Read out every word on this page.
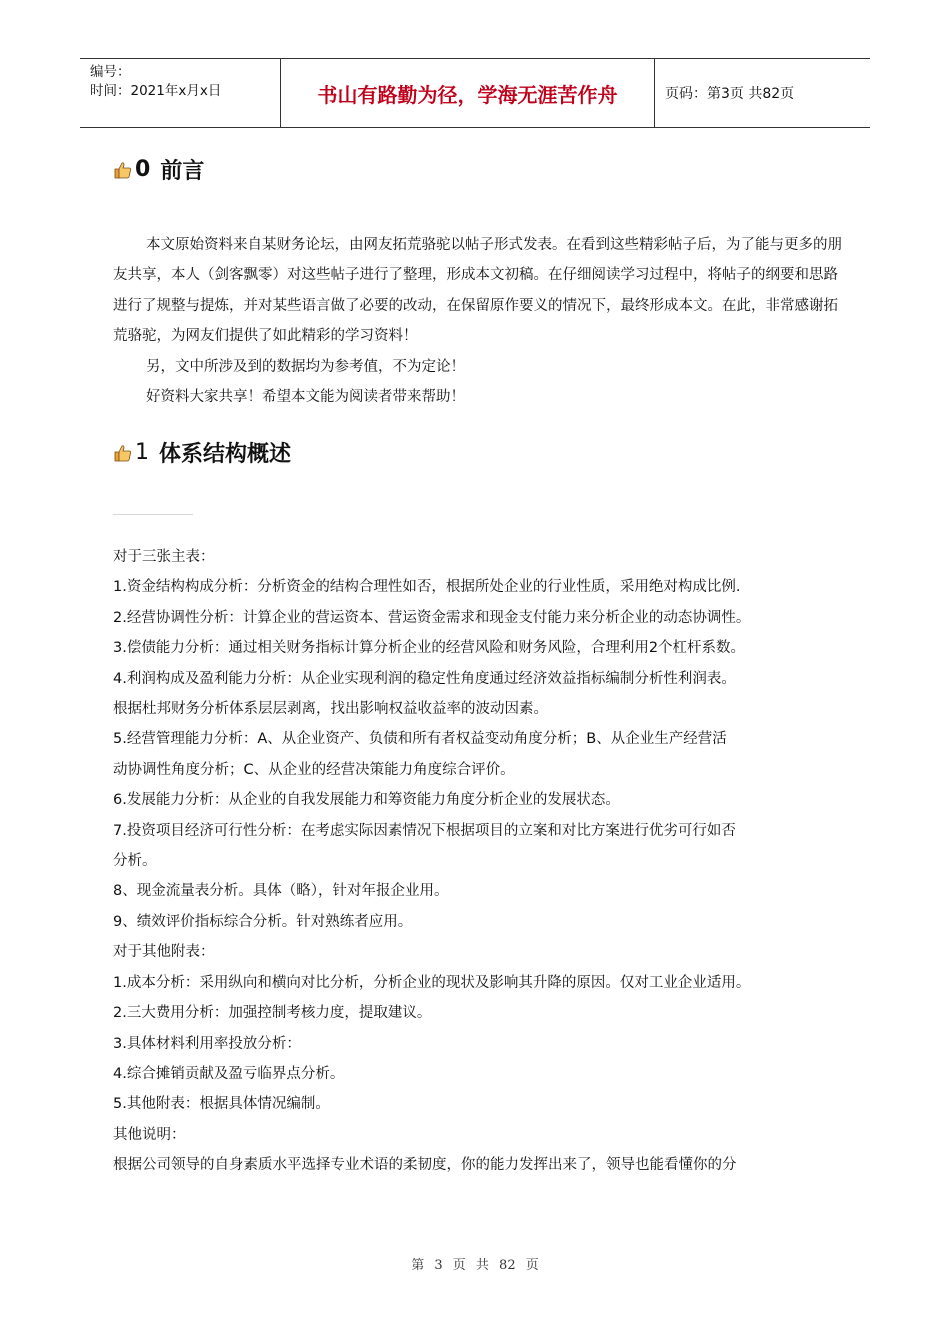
编号：
时间：2021年x月x日	书山有路勤为径，学海无涯苦作舟	页码：第3页 共82页
0 前言

本文原始资料来自某财务论坛，由网友拓荒骆驼以帖子形式发表。在看到这些精彩帖子后，为了能与更多的朋友共享，本人（剑客飘零）对这些帖子进行了整理，形成本文初稿。在仔细阅读学习过程中，将帖子的纲要和思路进行了规整与提炼，并对某些语言做了必要的改动，在保留原作要义的情况下，最终形成本文。在此，非常感谢拓荒骆驼，为网友们提供了如此精彩的学习资料！

另，文中所涉及到的数据均为参考值，不为定论！

好资料大家共享！希望本文能为阅读者带来帮助！

1 体系结构概述

对于三张主表：

1.资金结构构成分析：分析资金的结构合理性如否，根据所处企业的行业性质，采用绝对构成比例.

2.经营协调性分析：计算企业的营运资本、营运资金需求和现金支付能力来分析企业的动态协调性。

3.偿债能力分析：通过相关财务指标计算分析企业的经营风险和财务风险，合理利用2个杠杆系数。

4.利润构成及盈利能力分析：从企业实现利润的稳定性角度通过经济效益指标编制分析性利润表。

根据杜邦财务分析体系层层剥离，找出影响权益收益率的波动因素。

5.经营管理能力分析：A、从企业资产、负债和所有者权益变动角度分析；B、从企业生产经营活

动协调性角度分析；C、从企业的经营决策能力角度综合评价。

6.发展能力分析：从企业的自我发展能力和筹资能力角度分析企业的发展状态。

7.投资项目经济可行性分析：在考虑实际因素情况下根据项目的立案和对比方案进行优劣可行如否

分析。

8、现金流量表分析。具体（略），针对年报企业用。

9、绩效评价指标综合分析。针对熟练者应用。

对于其他附表：

1.成本分析：采用纵向和横向对比分析，分析企业的现状及影响其升降的原因。仅对工业企业适用。

2.三大费用分析：加强控制考核力度，提取建议。

3.具体材料利用率投放分析：

4.综合摊销贡献及盈亏临界点分析。

5.其他附表：根据具体情况编制。

其他说明：

根据公司领导的自身素质水平选择专业术语的柔韧度，你的能力发挥出来了，领导也能看懂你的分

第 3 页 共 82 页
